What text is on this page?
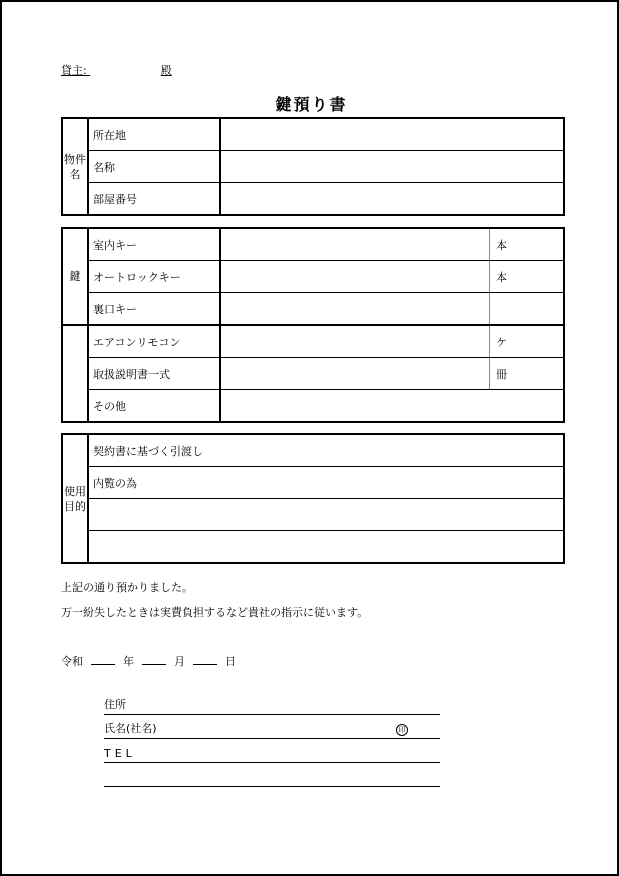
貸主:	殿
鍵預り書
物件名	所在地	
	名称	
	部屋番号	
鍵	室内キー	本

	オートロックキー	本

	裏口キー	

	エアコンリモコン	ケ

	取扱説明書一式	冊

	その他	
使用目的	契約書に基づく引渡し
内覧の為

上記の通り預かりました。
万一紛失したときは実費負担するなど貴社の指示に従います。
令和	年	月	日
住所
氏名(社名)	印
TEL
